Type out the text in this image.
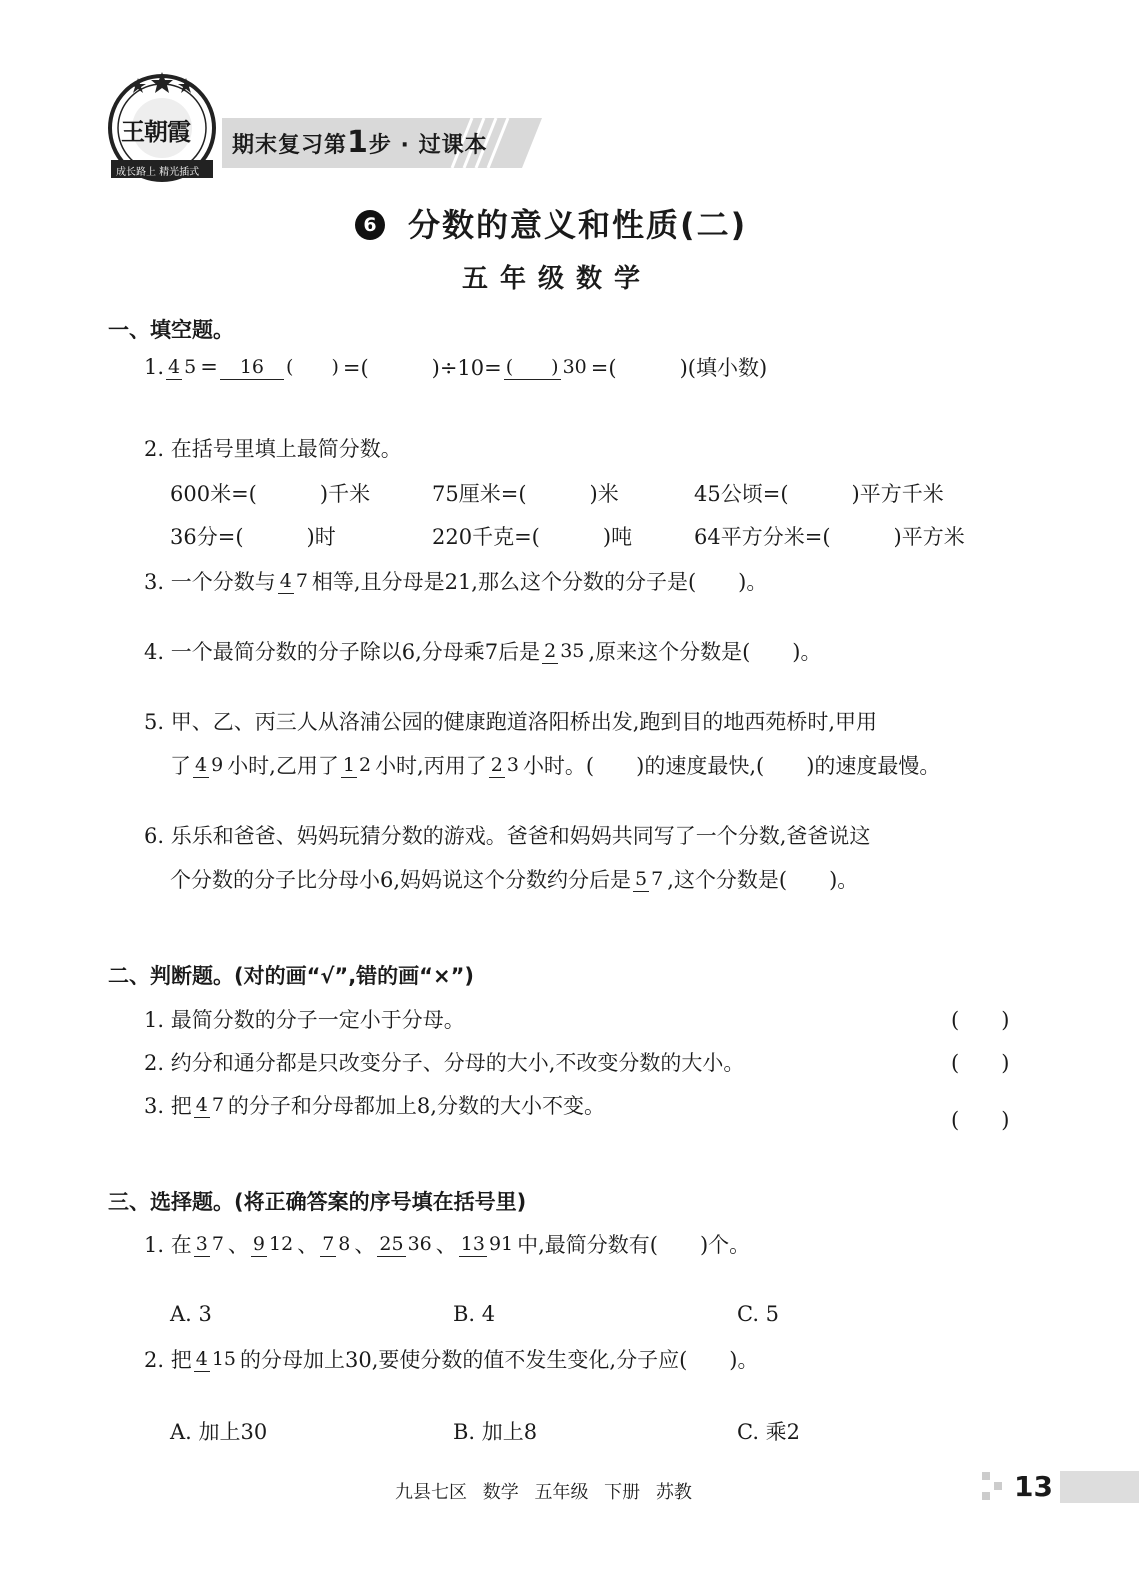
王朝霞
成长路上 精光插式
期末复习第1步 · 过课本
6 分数的意义和性质(二)
五年级数学
一、填空题。
1. 4 5 =	16 (　　) =(　　　)÷10= (　　) 30 =(　　　)(填小数)
2. 在括号里填上最简分数。
600米=(　　　)千米	75厘米=(　　　)米	45公顷=(　　　)平方千米
36分=(　　　)时	220千克=(　　　)吨	64平方分米=(　　　)平方米
3. 一个分数与 4 7 相等,且分母是21,那么这个分数的分子是(　　)。
4. 一个最简分数的分子除以6,分母乘7后是 2 35 ,原来这个分数是(　　)。
5. 甲、乙、丙三人从洛浦公园的健康跑道洛阳桥出发,跑到目的地西苑桥时,甲用
了 4 9 小时,乙用了 1 2 小时,丙用了 2 3 小时。(　　)的速度最快,(　　)的速度最慢。
6. 乐乐和爸爸、妈妈玩猜分数的游戏。爸爸和妈妈共同写了一个分数,爸爸说这
个分数的分子比分母小6,妈妈说这个分数约分后是 5 7 ,这个分数是(　　)。
二、判断题。(对的画“√”,错的画“×”)
1. 最简分数的分子一定小于分母。	(　　)
2. 约分和通分都是只改变分子、分母的大小,不改变分数的大小。	(　　)
3. 把 4 7 的分子和分母都加上8,分数的大小不变。
(　　)
三、选择题。(将正确答案的序号填在括号里)
1. 在 3 7 、 9 12 、 7 8 、 25 36 、 13 91 中,最简分数有(　　)个。
A. 3	B. 4	C. 5
2. 把 4 15 的分母加上30,要使分数的值不发生变化,分子应(　　)。
A. 加上30	B. 加上8	C. 乘2
九县七区 数学 五年级 下册 苏教	13
